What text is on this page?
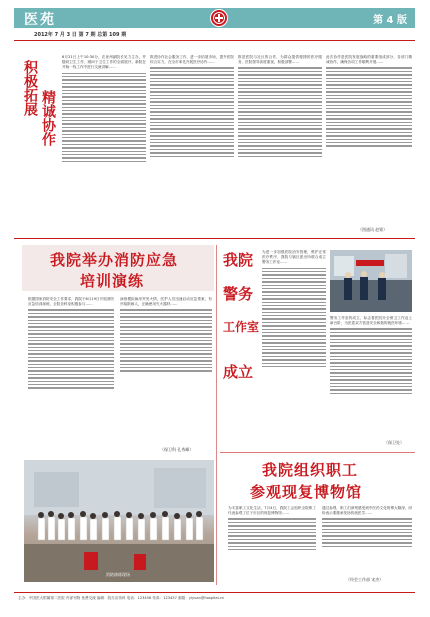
医苑	第 4 版
2012年 7 月 3 日 第 7 期 总第 109 期
积极拓展
精诚协作
6月21日上午10:30分，在泉州副院长吴力主办，并随同卫生工作，顾问于卫生工作的全面展开，新院在开始一线工作中进行交流讲解……
推进协作社会服务工作，进一步拓展市场，提升医院综合实力，在全市率先开展医疗协作……
推进医院与社区的合作，为群众提供便捷的医疗服务，医院领导高度重视，积极部署……
此次协作是医院发展战略的重要组成部分，各部门精诚协作，确保各项工作顺利开展……
（图通讯 赵铭）
我院举办消防应急
培训演练
根据国家消防安全工作要求，我院于6月19日开展消防应急培训演练，全院各科室积极参与……
演练模拟病房突发火情，医护人员迅速启动应急预案，有序疏散病人，正确使用灭火器材……
（保卫科 孔秀峰）
消防演练现场
我院
警务
工作室
成立
为进一步加强医院治安管理，维护正常医疗秩序，我院与辖区派出所联合成立警务工作室……
警务工作室的成立，标志着医院安全保卫工作迈上新台阶，为医患双方营造安全和谐的就医环境……
（保卫处）
我院组织职工
参观现复博物馆
为丰富职工文化生活，7月4日，我院工会组织全院职工代表参观了位于市区的现复博物馆……
通过参观，职工们深刻感受到中医药文化的博大精深，纷纷表示要继承发扬传统医学……
（经会工作部 宋杰）
主办：中国医大附属第二医院 内部刊物 免费交流 编辑：院办宣传科 电话：123456 传真：123457 邮箱：yiyuan@hospital.cn
